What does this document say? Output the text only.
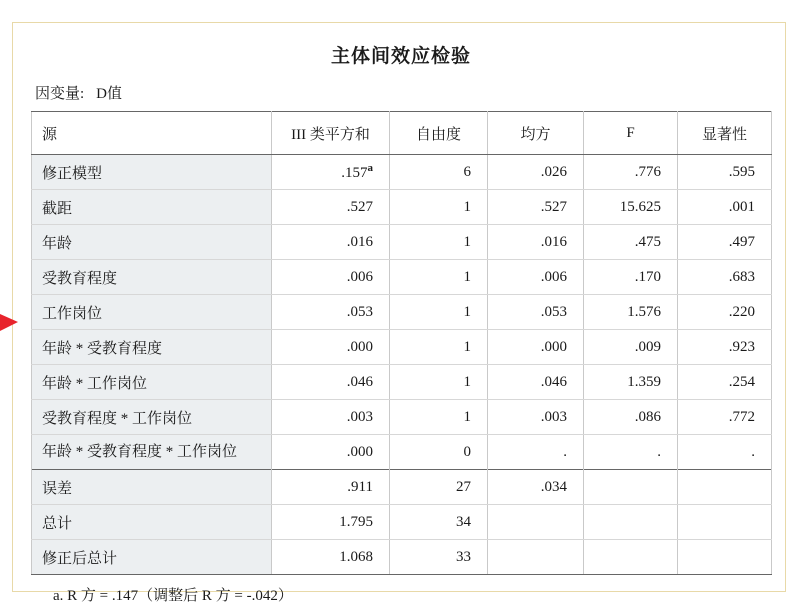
主体间效应检验
因变量: D值
源	III 类平方和	自由度	均方	F	显著性
修正模型	.157$^a$	6	.026	.776	.595
截距	.527	1	.527	15.625	.001
年龄	.016	1	.016	.475	.497
受教育程度	.006	1	.006	.170	.683
工作岗位	.053	1	.053	1.576	.220
年龄 * 受教育程度	.000	1	.000	.009	.923
年龄 * 工作岗位	.046	1	.046	1.359	.254
受教育程度 * 工作岗位	.003	1	.003	.086	.772
年龄 * 受教育程度 * 工作岗位	.000	0	.	.	.
误差	.911	27	.034		
总计	1.795	34			
修正后总计	1.068	33			
a. R 方 = .147（调整后 R 方 = -.042）
